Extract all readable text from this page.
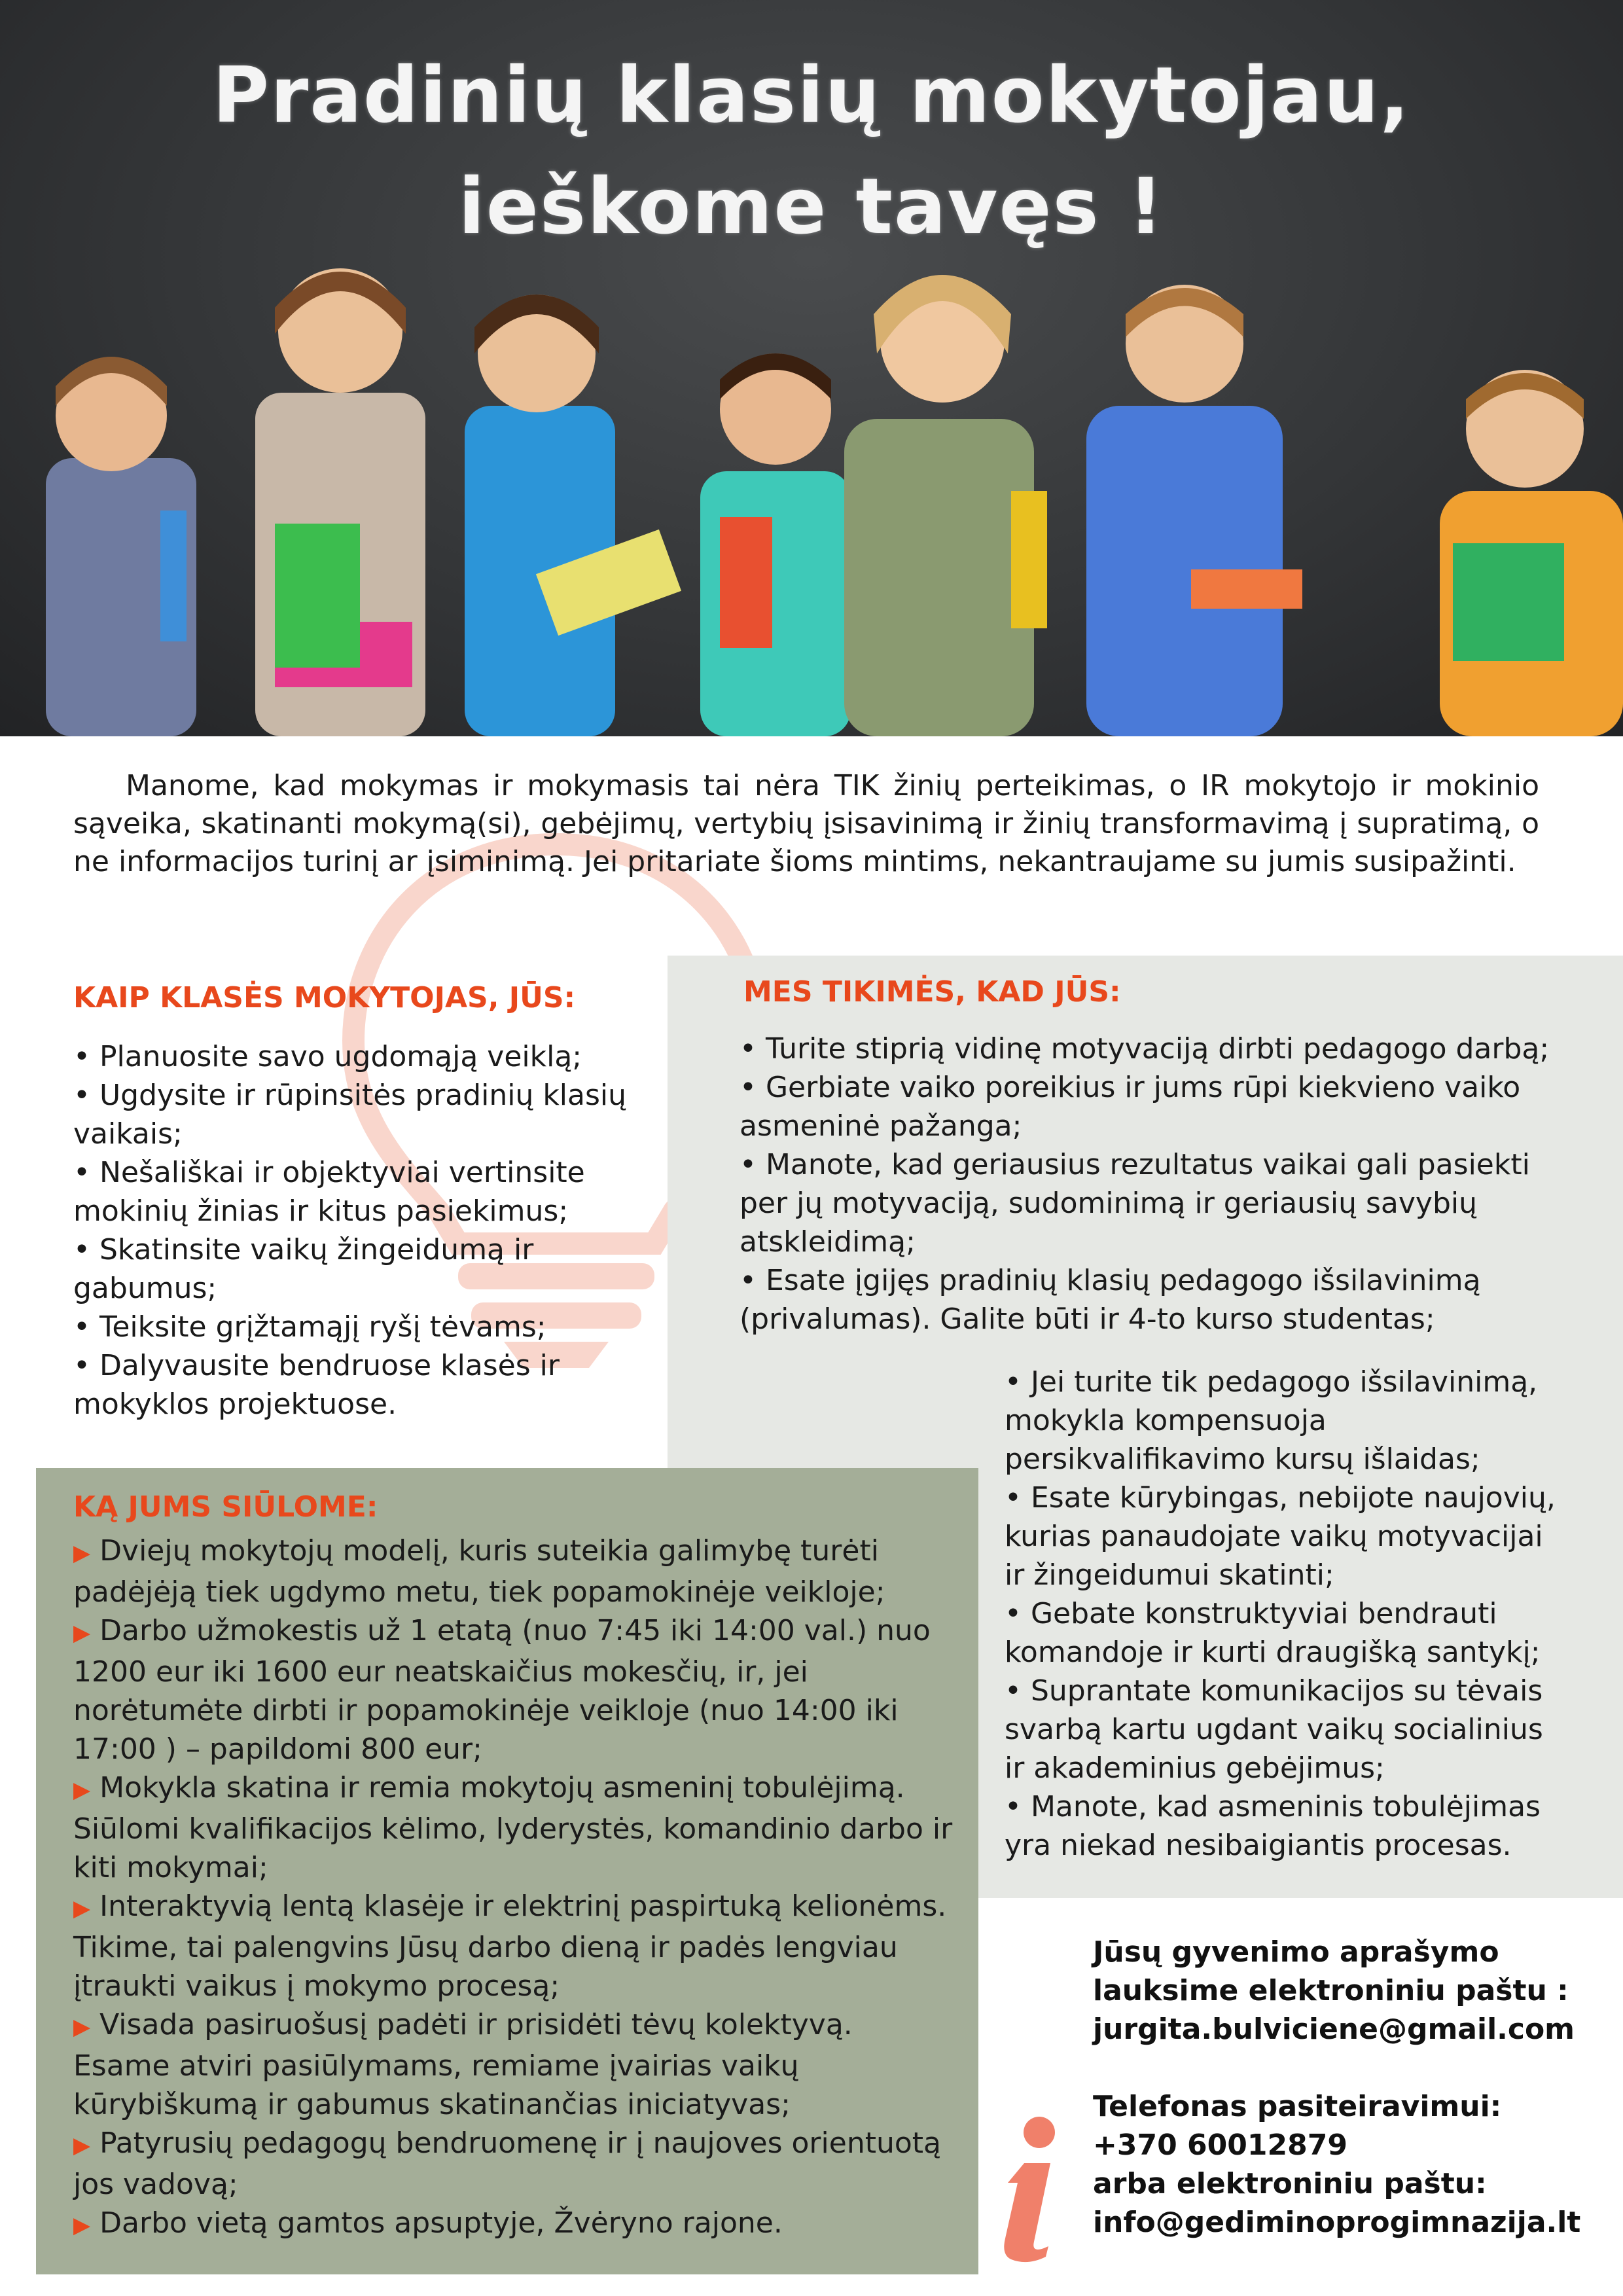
Pradinių klasių mokytojau,
ieškome tavęs !

Manome, kad mokymas ir mokymasis tai nėra TIK žinių perteikimas, o IR mokytojo ir mokinio sąveika, skatinanti mokymą(si), gebėjimų, vertybių įsisavinimą ir žinių transformavimą į supratimą, o ne informacijos turinį ar įsiminimą. Jei pritariate šioms mintims, nekantraujame su jumis susipažinti.

KAIP KLASĖS MOKYTOJAS, JŪS:
• Planuosite savo ugdomąją veiklą;
• Ugdysite ir rūpinsitės pradinių klasių vaikais;
• Nešališkai ir objektyviai vertinsite mokinių žinias ir kitus pasiekimus;
• Skatinsite vaikų žingeidumą ir gabumus;
• Teiksite grįžtamąjį ryšį tėvams;
• Dalyvausite bendruose klasės ir mokyklos projektuose.
MES TIKIMĖS, KAD JŪS:
• Turite stiprią vidinę motyvaciją dirbti pedagogo darbą;
• Gerbiate vaiko poreikius ir jums rūpi kiekvieno vaiko asmeninė pažanga;
• Manote, kad geriausius rezultatus vaikai gali pasiekti per jų motyvaciją, sudominimą ir geriausių savybių atskleidimą;
• Esate įgijęs pradinių klasių pedagogo išsilavinimą (privalumas). Galite būti ir 4-to kurso studentas;
• Jei turite tik pedagogo išsilavinimą, mokykla kompensuoja persikvalifikavimo kursų išlaidas;
• Esate kūrybingas, nebijote naujovių, kurias panaudojate vaikų motyvacijai ir žingeidumui skatinti;
• Gebate konstruktyviai bendrauti komandoje ir kurti draugišką santykį;
• Suprantate komunikacijos su tėvais svarbą kartu ugdant vaikų socialinius ir akademinius gebėjimus;
• Manote, kad asmeninis tobulėjimas yra niekad nesibaigiantis procesas.
KĄ JUMS SIŪLOME:
▶ Dviejų mokytojų modelį, kuris suteikia galimybę turėti padėjėją tiek ugdymo metu, tiek popamokinėje veikloje;
▶ Darbo užmokestis už 1 etatą (nuo 7:45 iki 14:00 val.) nuo 1200 eur iki 1600 eur neatskaičius mokesčių, ir, jei norėtumėte dirbti ir popamokinėje veikloje (nuo 14:00 iki 17:00 ) – papildomi 800 eur;
▶ Mokykla skatina ir remia mokytojų asmeninį tobulėjimą. Siūlomi kvalifikacijos kėlimo, lyderystės, komandinio darbo ir kiti mokymai;
▶ Interaktyvią lentą klasėje ir elektrinį paspirtuką kelionėms. Tikime, tai palengvins Jūsų darbo dieną ir padės lengviau įtraukti vaikus į mokymo procesą;
▶ Visada pasiruošusį padėti ir prisidėti tėvų kolektyvą. Esame atviri pasiūlymams, remiame įvairias vaikų kūrybiškumą ir gabumus skatinančias iniciatyvas;
▶ Patyrusių pedagogų bendruomenę ir į naujoves orientuotą jos vadovą;
▶ Darbo vietą gamtos apsuptyje, Žvėryno rajone.

Jūsų gyvenimo aprašymo

lauksime elektroniniu paštu :

jurgita.bulviciene@gmail.com

Telefonas pasiteiravimui:

+370 60012879

arba elektroniniu paštu:

info@gediminoprogimnazija.lt
